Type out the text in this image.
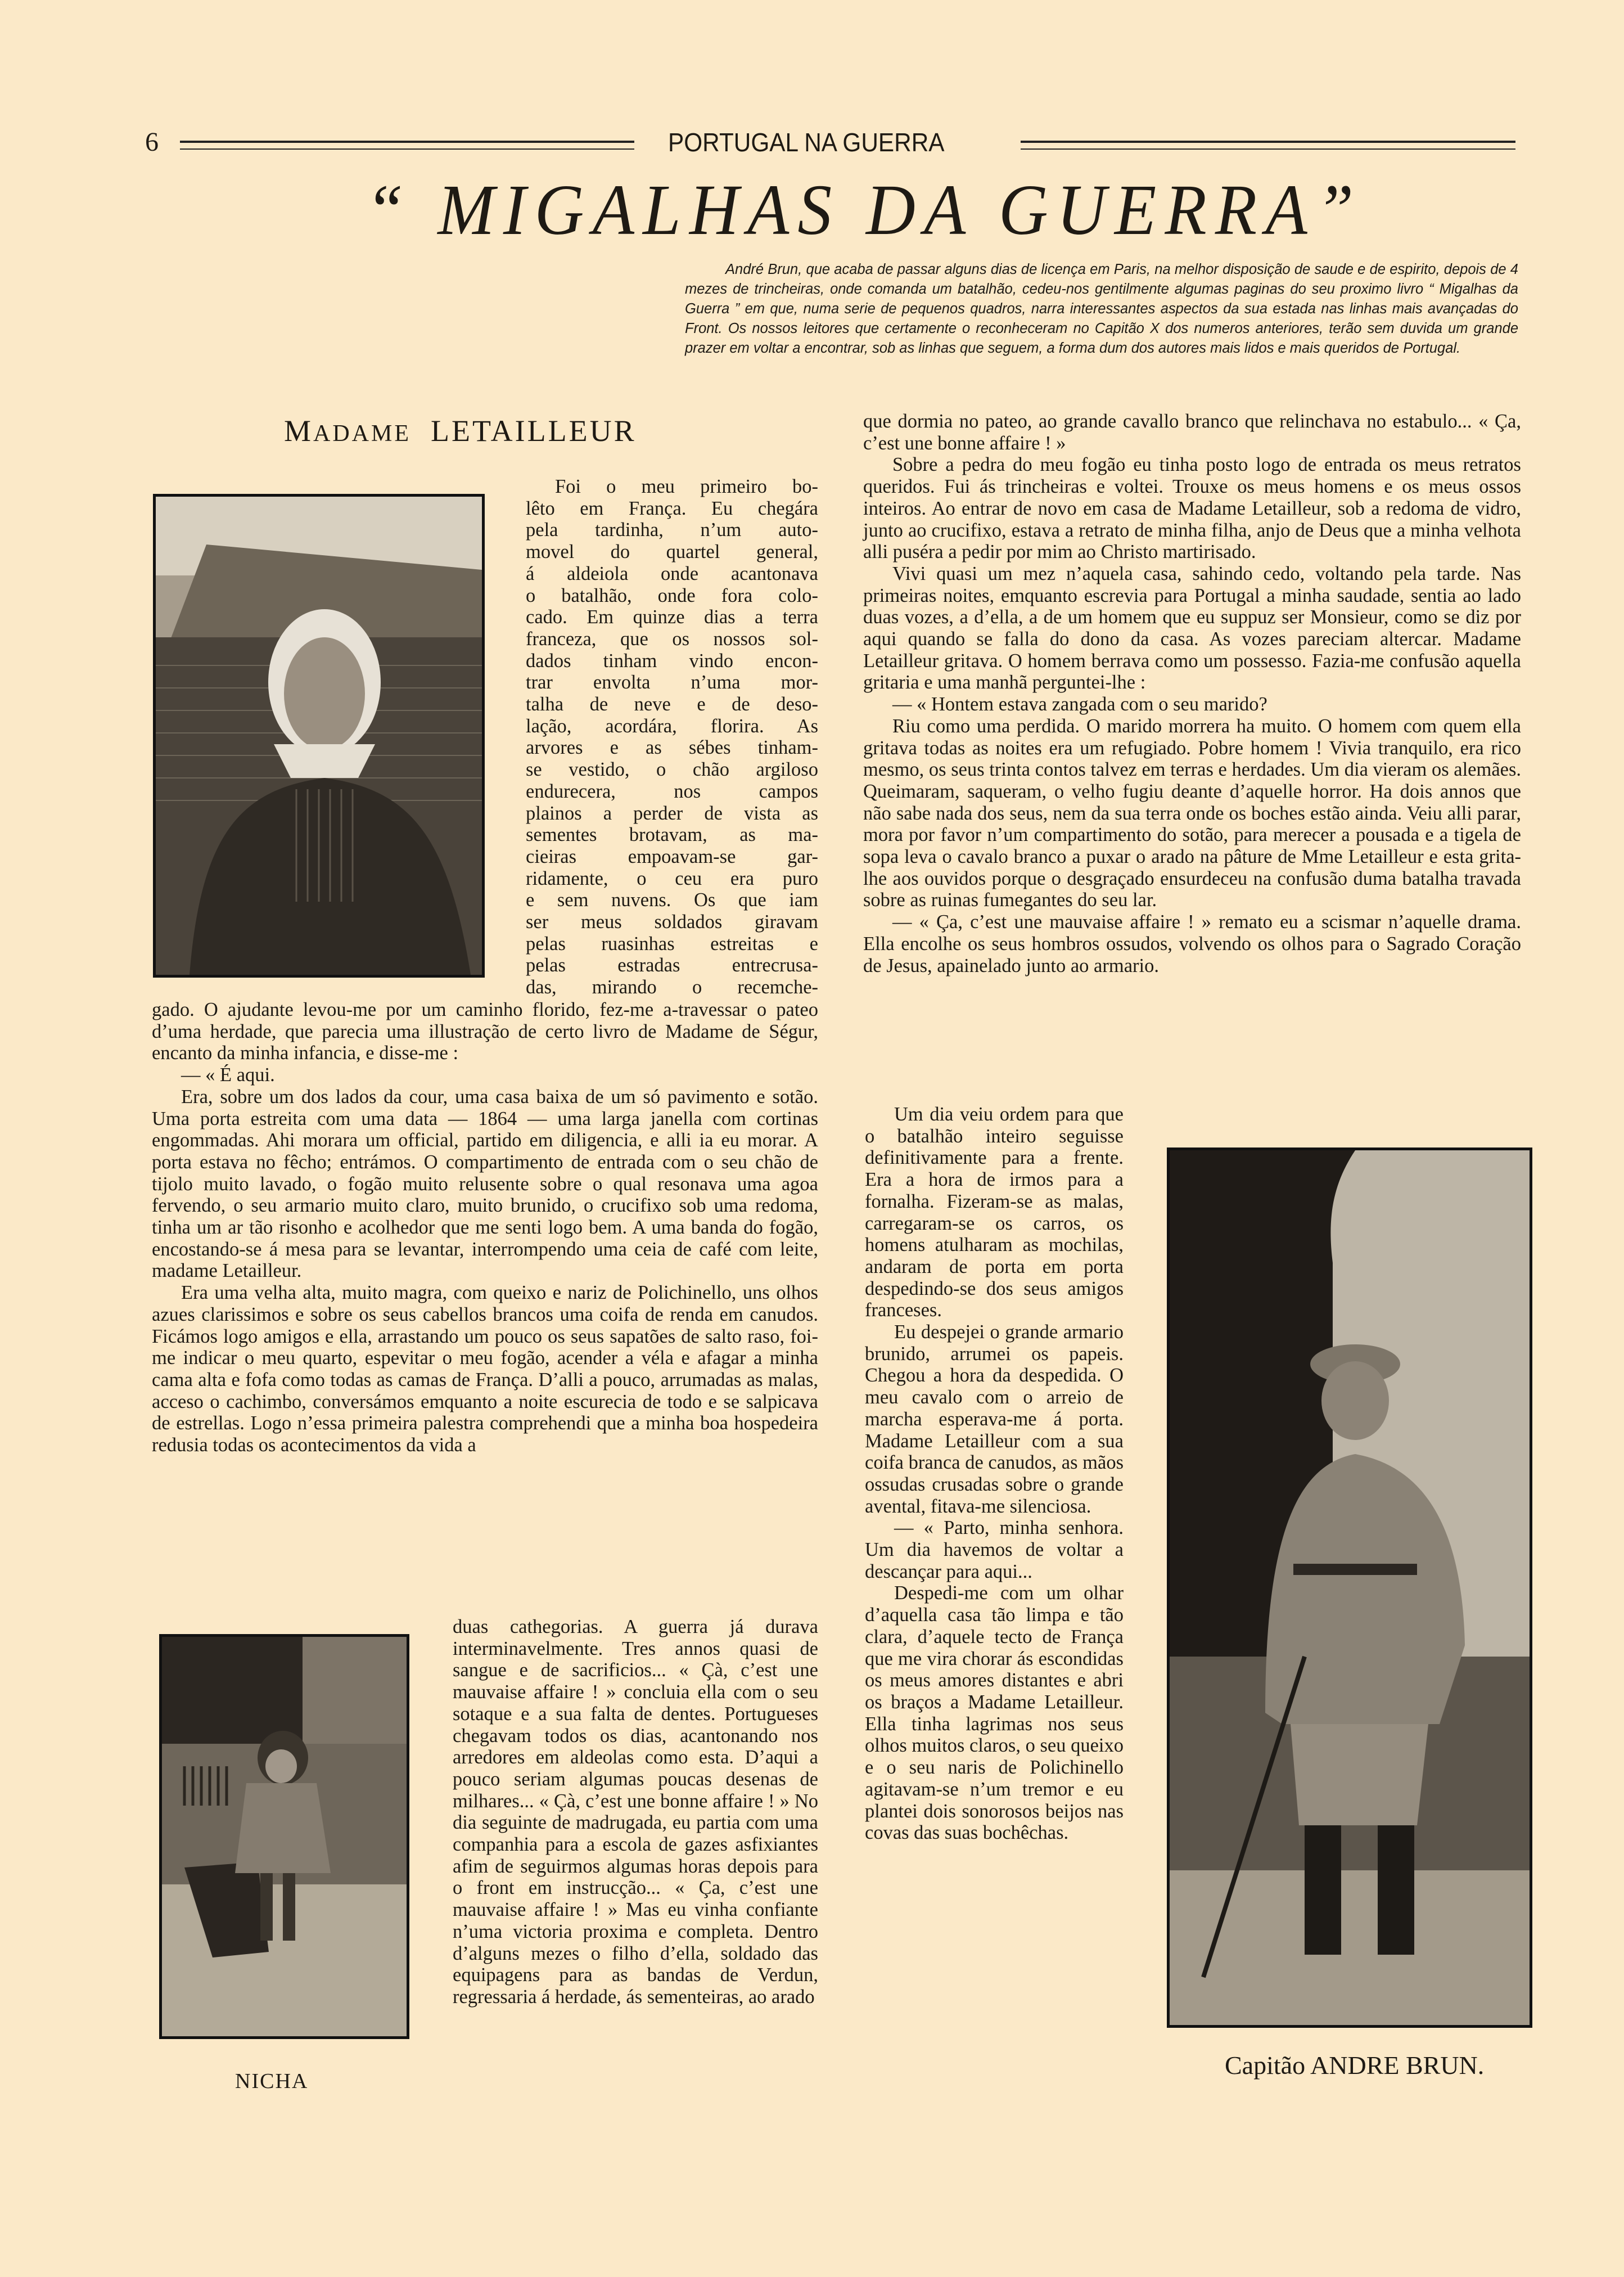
6	PORTUGAL NA GUERRA
“ MIGALHAS DA GUERRA”

André Brun, que acaba de passar alguns dias de licença em Paris, na melhor disposição de saude e de espirito, depois de 4 mezes de trincheiras, onde comanda um batalhão, cedeu-nos gentilmente algumas paginas do seu proximo livro “ Migalhas da Guerra ” em que, numa serie de pequenos quadros, narra interessantes aspectos da sua estada nas linhas mais avançadas do Front. Os nossos leitores que certamente o reconheceram no Capitão X dos numeros anteriores, terão sem duvida um grande prazer em voltar a encontrar, sob as linhas que seguem, a forma dum dos autores mais lidos e mais queridos de Portugal.

MADAME LETAILLEUR
Foi o meu primeiro bo-
lêto em França. Eu chegára
pela tardinha, n’um auto-
movel do quartel general,
á aldeiola onde acantonava
o batalhão, onde fora colo-
cado. Em quinze dias a terra
franceza, que os nossos sol-
dados tinham vindo encon-
trar envolta n’uma mor-
talha de neve e de deso-
lação, acordára, florira. As
arvores e as sébes tinham-
se vestido, o chão argiloso
endurecera, nos campos
plainos a perder de vista as
sementes brotavam, as ma-
cieiras empoavam-se gar-
ridamente, o ceu era puro
e sem nuvens. Os que iam
ser meus soldados giravam
pelas ruasinhas estreitas e
pelas estradas entrecrusa-
das, mirando o recemche-

gado. O ajudante levou-me por um caminho florido, fez-me a-travessar o pateo d’uma herdade, que parecia uma illustração de certo livro de Madame de Ségur, encanto da minha infancia, e disse-me :

— « É aqui.

Era, sobre um dos lados da cour, uma casa baixa de um só pavimento e sotão. Uma porta estreita com uma data — 1864 — uma larga janella com cortinas engommadas. Ahi morara um official, partido em diligencia, e alli ia eu morar. A porta estava no fêcho; entrámos. O compartimento de entrada com o seu chão de tijolo muito lavado, o fogão muito relusente sobre o qual resonava uma agoa fervendo, o seu armario muito claro, muito brunido, o crucifixo sob uma redoma, tinha um ar tão risonho e acolhedor que me senti logo bem. A uma banda do fogão, encostando-se á mesa para se levantar, interrompendo uma ceia de café com leite, madame Letailleur.

Era uma velha alta, muito magra, com queixo e nariz de Polichinello, uns olhos azues clarissimos e sobre os seus cabellos brancos uma coifa de renda em canudos. Ficámos logo amigos e ella, arrastando um pouco os seus sapatões de salto raso, foi-me indicar o meu quarto, espevitar o meu fogão, acender a véla e afagar a minha cama alta e fofa como todas as camas de França. D’alli a pouco, arrumadas as malas, acceso o cachimbo, conversámos emquanto a noite escurecia de todo e se salpicava de estrellas. Logo n’essa primeira palestra comprehendi que a minha boa hospedeira redusia todas os acontecimentos da vida a

NICHA

duas cathegorias. A guerra já durava interminavelmente. Tres annos quasi de sangue e de sacrificios... « Çà, c’est une mauvaise affaire ! » concluia ella com o seu sotaque e a sua falta de dentes. Portugueses chegavam todos os dias, acantonando nos arredores em aldeolas como esta. D’aqui a pouco seriam algumas poucas desenas de milhares... « Çà, c’est une bonne affaire ! » No dia seguinte de madrugada, eu partia com uma companhia para a escola de gazes asfixiantes afim de seguirmos algumas horas depois para o front em instrucção... « Ça, c’est une mauvaise affaire ! » Mas eu vinha confiante n’uma victoria proxima e completa. Dentro d’alguns mezes o filho d’ella, soldado das equipagens para as bandas de Verdun, regressaria á herdade, ás sementeiras, ao arado

que dormia no pateo, ao grande cavallo branco que relinchava no estabulo... « Ça, c’est une bonne affaire ! »

Sobre a pedra do meu fogão eu tinha posto logo de entrada os meus retratos queridos. Fui ás trincheiras e voltei. Trouxe os meus homens e os meus ossos inteiros. Ao entrar de novo em casa de Madame Letailleur, sob a redoma de vidro, junto ao crucifixo, estava a retrato de minha filha, anjo de Deus que a minha velhota alli puséra a pedir por mim ao Christo martirisado.

Vivi quasi um mez n’aquela casa, sahindo cedo, voltando pela tarde. Nas primeiras noites, emquanto escrevia para Portugal a minha saudade, sentia ao lado duas vozes, a d’ella, a de um homem que eu suppuz ser Monsieur, como se diz por aqui quando se falla do dono da casa. As vozes pareciam altercar. Madame Letailleur gritava. O homem berrava como um possesso. Fazia-me confusão aquella gritaria e uma manhã perguntei-lhe :

— « Hontem estava zangada com o seu marido?

Riu como uma perdida. O marido morrera ha muito. O homem com quem ella gritava todas as noites era um refugiado. Pobre homem ! Vivia tranquilo, era rico mesmo, os seus trinta contos talvez em terras e herdades. Um dia vieram os alemães. Queimaram, saqueram, o velho fugiu deante d’aquelle horror. Ha dois annos que não sabe nada dos seus, nem da sua terra onde os boches estão ainda. Veiu alli parar, mora por favor n’um compartimento do sotão, para merecer a pousada e a tigela de sopa leva o cavalo branco a puxar o arado na pâture de Mme Letailleur e esta grita-lhe aos ouvidos porque o desgraçado ensurdeceu na confusão duma batalha travada sobre as ruinas fumegantes do seu lar.

— « Ça, c’est une mauvaise affaire ! » remato eu a scismar n’aquelle drama. Ella encolhe os seus hombros ossudos, volvendo os olhos para o Sagrado Coração de Jesus, apainelado junto ao armario.

Um dia veiu ordem para que o batalhão inteiro seguisse definitivamente para a frente. Era a hora de irmos para a fornalha. Fizeram-se as malas, carregaram-se os carros, os homens atulharam as mochilas, andaram de porta em porta despedindo-se dos seus amigos franceses.

Eu despejei o grande armario brunido, arrumei os papeis. Chegou a hora da despedida. O meu cavalo com o arreio de marcha esperava-me á porta. Madame Letailleur com a sua coifa branca de canudos, as mãos ossudas crusadas sobre o grande avental, fitava-me silenciosa.

— « Parto, minha senhora. Um dia havemos de voltar a descançar para aqui...

Despedi-me com um olhar d’aquella casa tão limpa e tão clara, d’aquele tecto de França que me vira chorar ás escondidas os meus amores distantes e abri os braços a Madame Letailleur. Ella tinha lagrimas nos seus olhos muitos claros, o seu queixo e o seu naris de Polichinello agitavam-se n’um tremor e eu plantei dois sonorosos beijos nas covas das suas bochêchas.

Capitão ANDRE BRUN.
